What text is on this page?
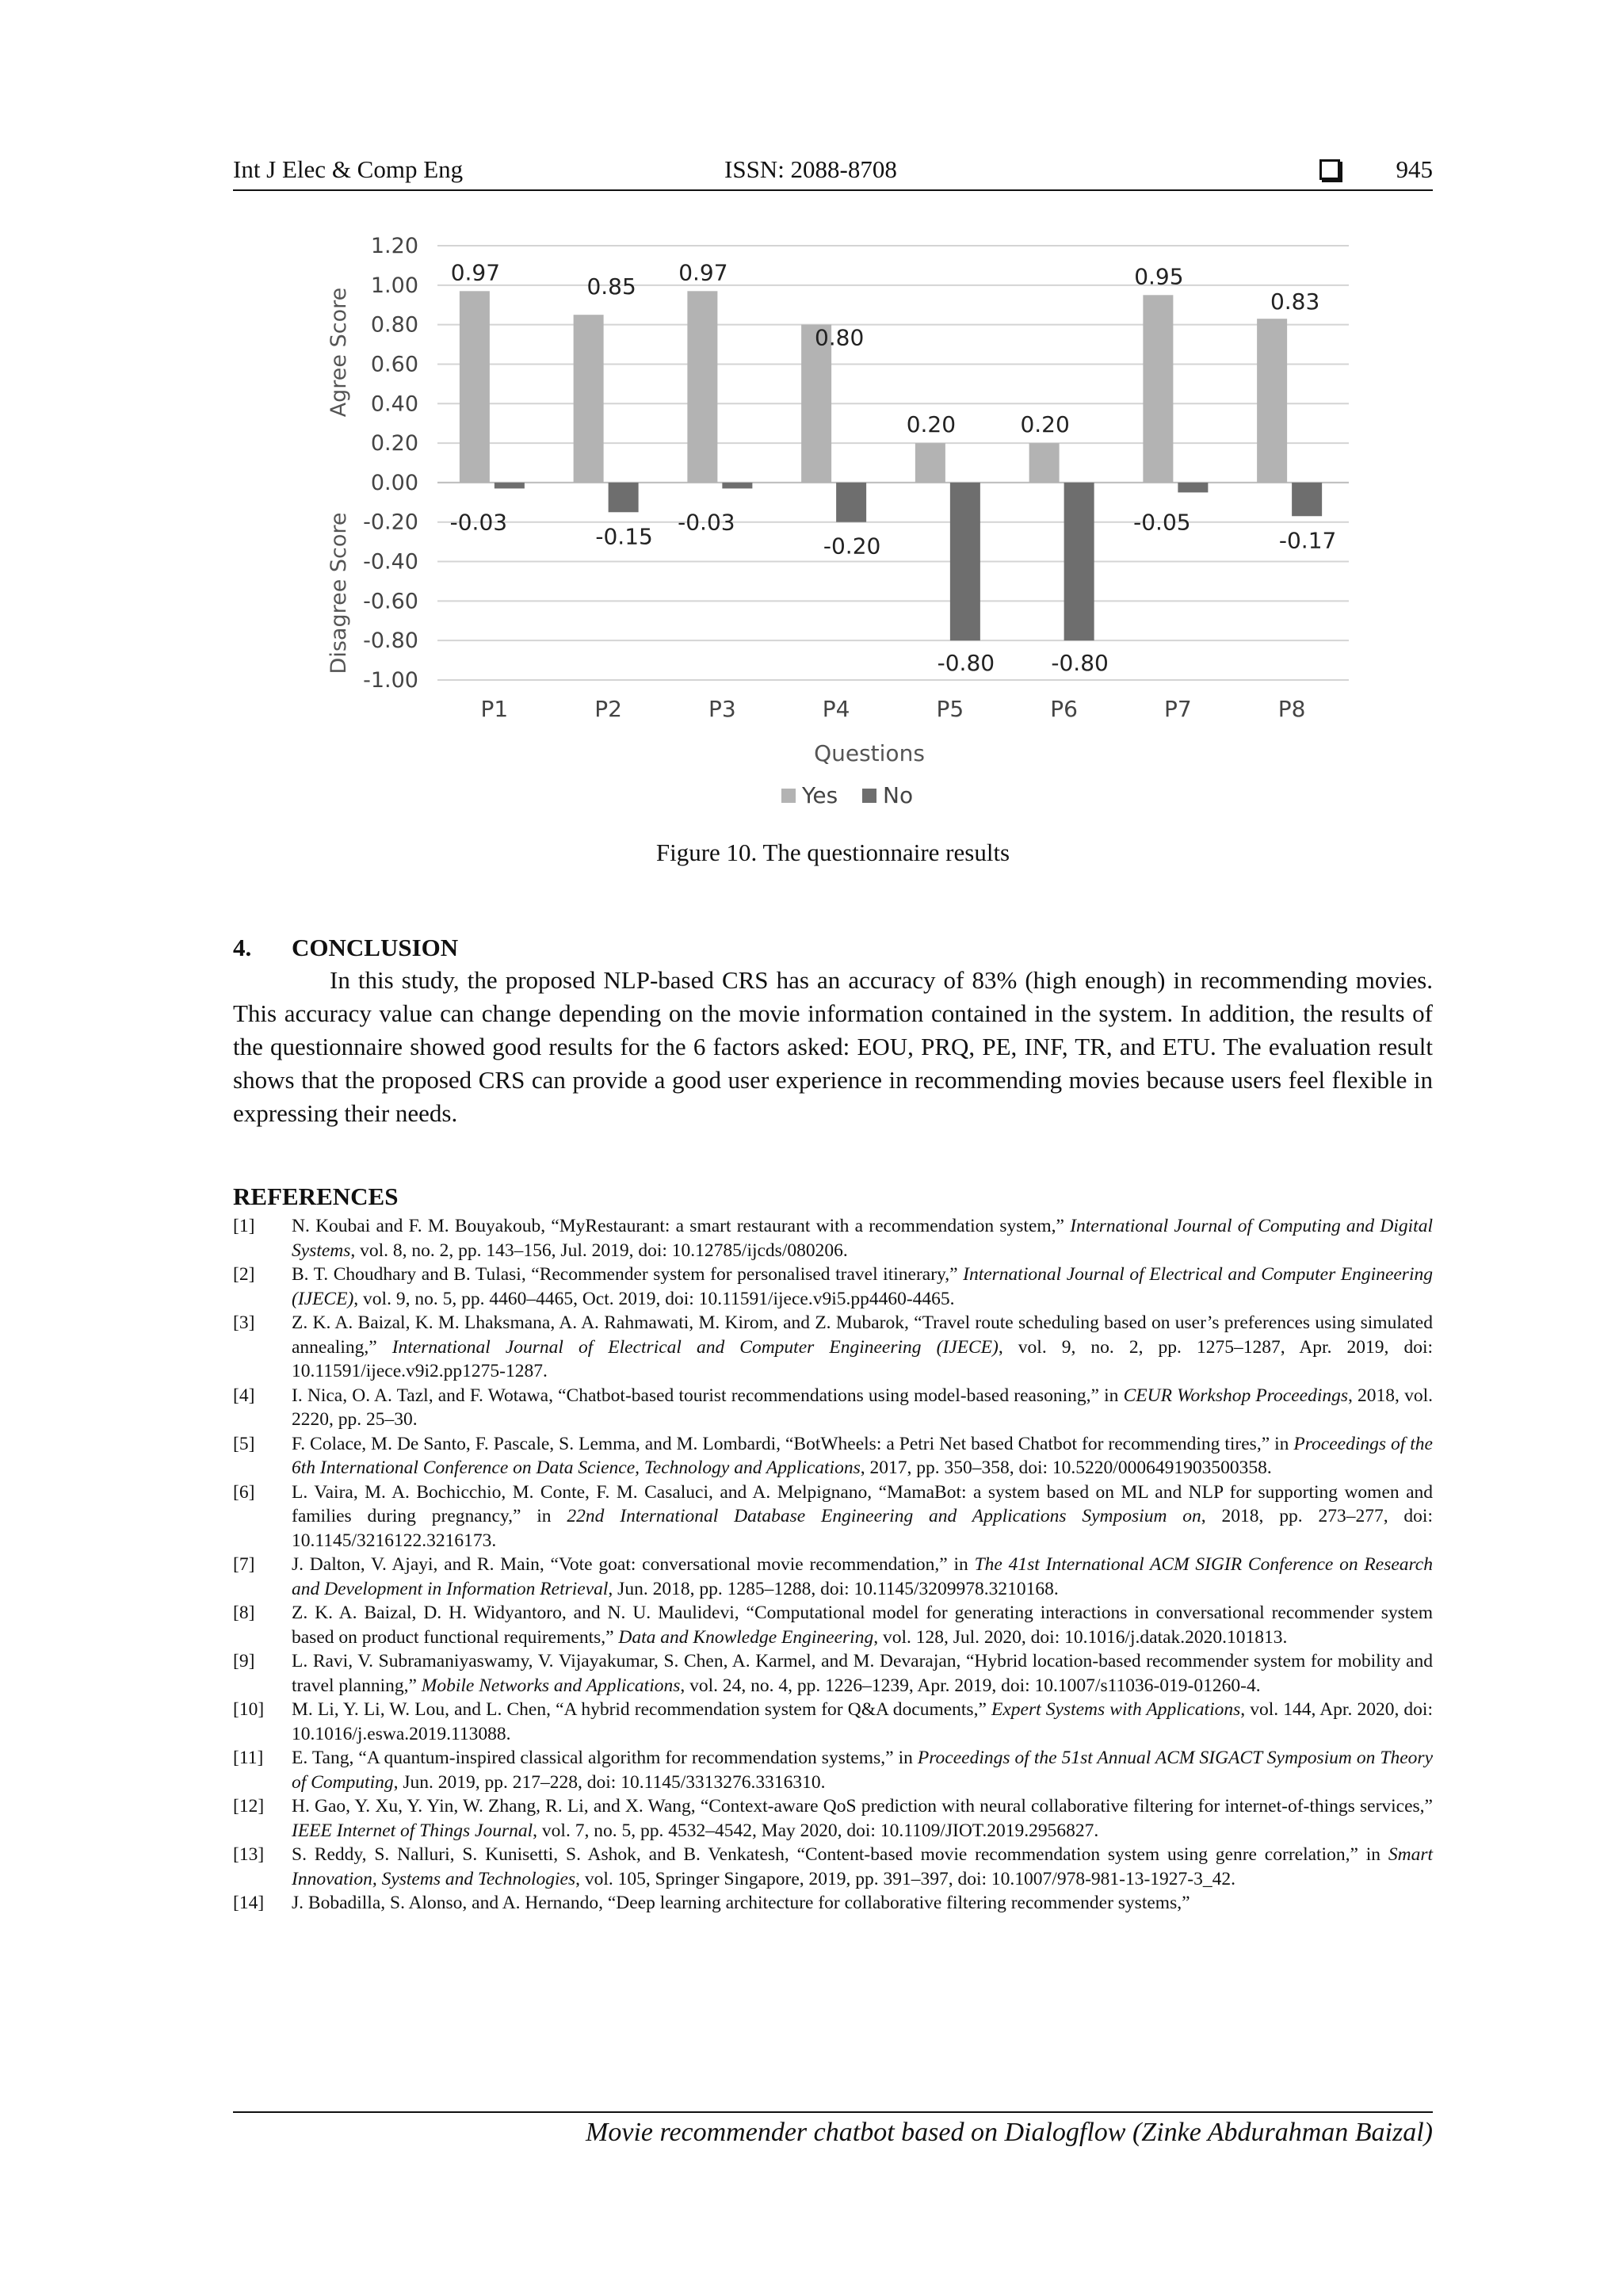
Int J Elec & Comp Eng	ISSN: 2088-8708	945
1.20
1.00
0.80
0.60
0.40
0.20
0.00
-0.20
-0.40
-0.60
-0.80
-1.00
Agree Score
Disagree Score
0.97
-0.03
P1
0.85
-0.15
P2
0.97
-0.03
P3
0.80
-0.20
P4
0.20
-0.80
P5
0.20
-0.80
P6
0.95
-0.05
P7
0.83
-0.17
P8
Questions
Yes No
Figure 10. The questionnaire results
4. CONCLUSION
In this study, the proposed NLP-based CRS has an accuracy of 83% (high enough) in recommending movies. This accuracy value can change depending on the movie information contained in the system. In addition, the results of the questionnaire showed good results for the 6 factors asked: EOU, PRQ, PE, INF, TR, and ETU. The evaluation result shows that the proposed CRS can provide a good user experience in recommending movies because users feel flexible in expressing their needs.
REFERENCES
[1] N. Koubai and F. M. Bouyakoub, “MyRestaurant: a smart restaurant with a recommendation system,” International Journal of Computing and Digital Systems, vol. 8, no. 2, pp. 143–156, Jul. 2019, doi: 10.12785/ijcds/080206.
[2] B. T. Choudhary and B. Tulasi, “Recommender system for personalised travel itinerary,” International Journal of Electrical and Computer Engineering (IJECE), vol. 9, no. 5, pp. 4460–4465, Oct. 2019, doi: 10.11591/ijece.v9i5.pp4460-4465.
[3] Z. K. A. Baizal, K. M. Lhaksmana, A. A. Rahmawati, M. Kirom, and Z. Mubarok, “Travel route scheduling based on user’s preferences using simulated annealing,” International Journal of Electrical and Computer Engineering (IJECE), vol. 9, no. 2, pp. 1275–1287, Apr. 2019, doi: 10.11591/ijece.v9i2.pp1275-1287.
[4] I. Nica, O. A. Tazl, and F. Wotawa, “Chatbot-based tourist recommendations using model-based reasoning,” in CEUR Workshop Proceedings, 2018, vol. 2220, pp. 25–30.
[5] F. Colace, M. De Santo, F. Pascale, S. Lemma, and M. Lombardi, “BotWheels: a Petri Net based Chatbot for recommending tires,” in Proceedings of the 6th International Conference on Data Science, Technology and Applications, 2017, pp. 350–358, doi: 10.5220/0006491903500358.
[6] L. Vaira, M. A. Bochicchio, M. Conte, F. M. Casaluci, and A. Melpignano, “MamaBot: a system based on ML and NLP for supporting women and families during pregnancy,” in 22nd International Database Engineering and Applications Symposium on, 2018, pp. 273–277, doi: 10.1145/3216122.3216173.
[7] J. Dalton, V. Ajayi, and R. Main, “Vote goat: conversational movie recommendation,” in The 41st International ACM SIGIR Conference on Research and Development in Information Retrieval, Jun. 2018, pp. 1285–1288, doi: 10.1145/3209978.3210168.
[8] Z. K. A. Baizal, D. H. Widyantoro, and N. U. Maulidevi, “Computational model for generating interactions in conversational recommender system based on product functional requirements,” Data and Knowledge Engineering, vol. 128, Jul. 2020, doi: 10.1016/j.datak.2020.101813.
[9] L. Ravi, V. Subramaniyaswamy, V. Vijayakumar, S. Chen, A. Karmel, and M. Devarajan, “Hybrid location-based recommender system for mobility and travel planning,” Mobile Networks and Applications, vol. 24, no. 4, pp. 1226–1239, Apr. 2019, doi: 10.1007/s11036-019-01260-4.
[10] M. Li, Y. Li, W. Lou, and L. Chen, “A hybrid recommendation system for Q&A documents,” Expert Systems with Applications, vol. 144, Apr. 2020, doi: 10.1016/j.eswa.2019.113088.
[11] E. Tang, “A quantum-inspired classical algorithm for recommendation systems,” in Proceedings of the 51st Annual ACM SIGACT Symposium on Theory of Computing, Jun. 2019, pp. 217–228, doi: 10.1145/3313276.3316310.
[12] H. Gao, Y. Xu, Y. Yin, W. Zhang, R. Li, and X. Wang, “Context-aware QoS prediction with neural collaborative filtering for internet-of-things services,” IEEE Internet of Things Journal, vol. 7, no. 5, pp. 4532–4542, May 2020, doi: 10.1109/JIOT.2019.2956827.
[13] S. Reddy, S. Nalluri, S. Kunisetti, S. Ashok, and B. Venkatesh, “Content-based movie recommendation system using genre correlation,” in Smart Innovation, Systems and Technologies, vol. 105, Springer Singapore, 2019, pp. 391–397, doi: 10.1007/978-981-13-1927-3_42.
[14] J. Bobadilla, S. Alonso, and A. Hernando, “Deep learning architecture for collaborative filtering recommender systems,”
Movie recommender chatbot based on Dialogflow (Zinke Abdurahman Baizal)
